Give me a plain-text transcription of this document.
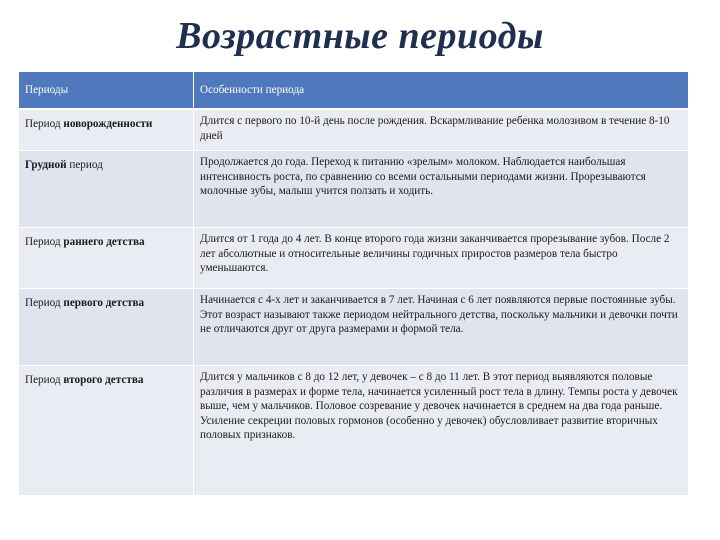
Возрастные периоды
Периоды	Особенности периода
Период новорожденности	Длится с первого по 10-й день после рождения. Вскармливание ребенка молозивом в течение 8-10 дней
Грудной период	Продолжается до года. Переход к питанию «зрелым» молоком. Наблюдается наибольшая интенсивность роста, по сравнению со всеми остальными периодами жизни. Прорезываются молочные зубы, малыш учится ползать и ходить.
Период раннего детства	Длится от 1 года до 4 лет. В конце второго года жизни заканчивается прорезывание зубов. После 2 лет абсолютные и относительные величины годичных приростов размеров тела быстро уменьшаются.
Период первого детства	Начинается с 4-х лет и заканчивается в 7 лет. Начиная с 6 лет появляются первые постоянные зубы. Этот возраст называют также периодом нейтрального детства, поскольку мальчики и девочки почти не отличаются друг от друга размерами и формой тела.
Период второго детства	Длится у мальчиков с 8 до 12 лет, у девочек – с 8 до 11 лет. В этот период выявляются половые различия в размерах и форме тела, начинается усиленный рост тела в длину. Темпы роста у девочек выше, чем у мальчиков. Половое созревание у девочек начинается в среднем на два года раньше. Усиление секреции половых гормонов (особенно у девочек) обусловливает развитие вторичных половых признаков.
